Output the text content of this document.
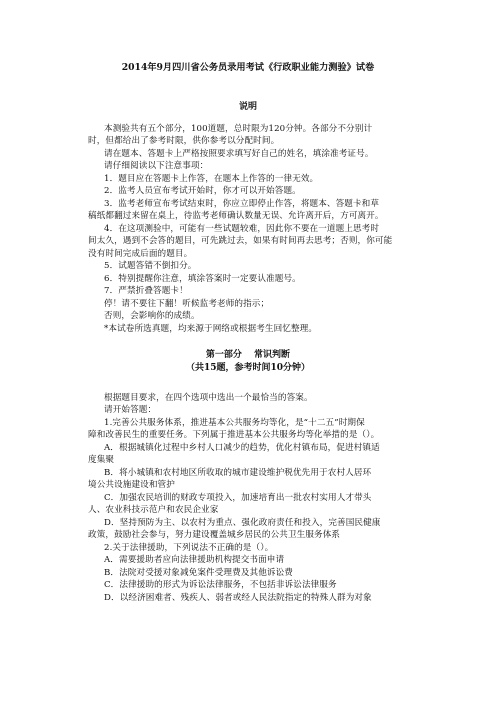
2014年9月四川省公务员录用考试《行政职业能力测验》试卷
说明
本测验共有五个部分，100道题，总时限为120分钟。各部分不分别计
时，但都给出了参考时限，供你参考以分配时间。
请在题本、答题卡上严格按照要求填写好自己的姓名，填涂准考证号。
请仔细阅读以下注意事项：
1．题目应在答题卡上作答，在题本上作答的一律无效。
2．监考人员宣布考试开始时，你才可以开始答题。
3．监考老师宣布考试结束时，你应立即停止作答，将题本、答题卡和草
稿纸都翻过来留在桌上，待监考老师确认数量无误、允许离开后，方可离开。
4．在这项测验中，可能有一些试题较难，因此你不要在一道题上思考时
间太久，遇到不会答的题目，可先跳过去，如果有时间再去思考；否则，你可能
没有时间完成后面的题目。
5．试题答错不倒扣分。
6．特别提醒你注意，填涂答案时一定要认准题号。
7．严禁折叠答题卡！
停！请不要往下翻！听候监考老师的指示；
否则，会影响你的成绩。
*本试卷所选真题，均来源于网络或根据考生回忆整理。
第一部分　 常识判断
（共15题，参考时间10分钟）
根据题目要求，在四个选项中选出一个最恰当的答案。
请开始答题：
1.完善公共服务体系，推进基本公共服务均等化，是“十二五”时期保
障和改善民生的重要任务。下列属于推进基本公共服务均等化举措的是（）。
A．根据城镇化过程中乡村人口减少的趋势，优化村镇布局，促进村镇适
度集聚
B．将小城镇和农村地区所收取的城市建设维护税优先用于农村人居环
境公共设施建设和管护
C．加强农民培训的财政专项投入，加速培育出一批农村实用人才带头
人、农业科技示范户和农民企业家
D．坚持预防为主、以农村为重点、强化政府责任和投入，完善国民健康
政策，鼓励社会参与，努力建设覆盖城乡居民的公共卫生服务体系
2.关于法律援助，下列说法不正确的是（）。
A．需要援助者应向法律援助机构提交书面申请
B．法院对受援对象减免案件受理费及其他诉讼费
C．法律援助的形式为诉讼法律服务，不包括非诉讼法律服务
D．以经济困难者、残疾人、弱者或经人民法院指定的特殊人群为对象
